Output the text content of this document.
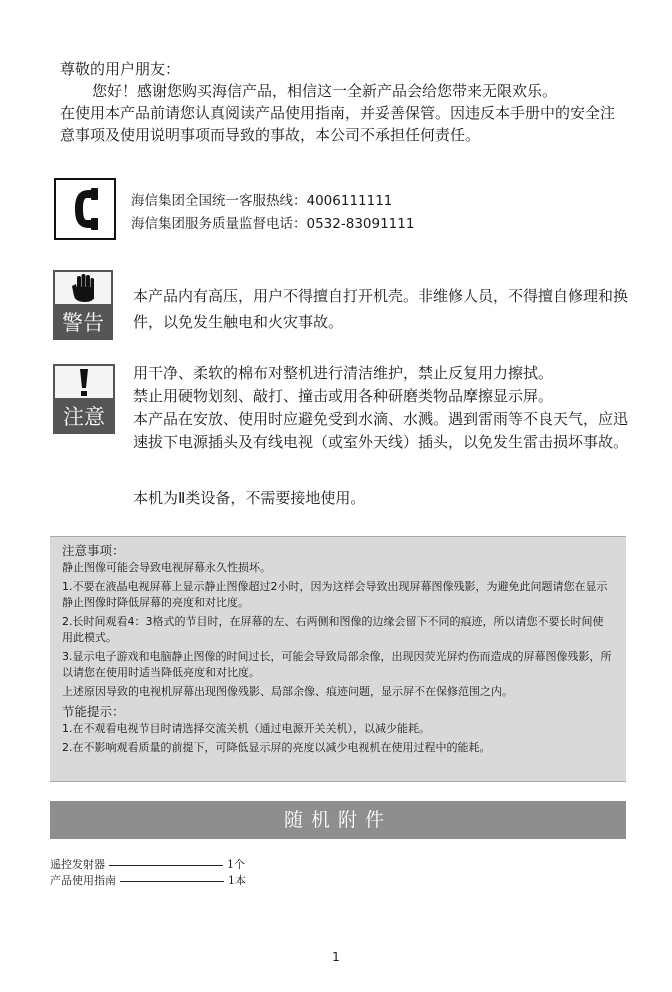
尊敬的用户朋友：

您好！感谢您购买海信产品，相信这一全新产品会给您带来无限欢乐。

在使用本产品前请您认真阅读产品使用指南，并妥善保管。因违反本手册中的安全注意事项及使用说明事项而导致的事故，本公司不承担任何责任。

海信集团全国统一客服热线：4006111111
海信集团服务质量监督电话：0532-83091111
警告
本产品内有高压，用户不得擅自打开机壳。非维修人员，不得擅自修理和换件，以免发生触电和火灾事故。
注意

用干净、柔软的棉布对整机进行清洁维护，禁止反复用力擦拭。

禁止用硬物划刻、敲打、撞击或用各种研磨类物品摩擦显示屏。

本产品在安放、使用时应避免受到水滴、水溅。遇到雷雨等不良天气，应迅速拔下电源插头及有线电视（或室外天线）插头，以免发生雷击损坏事故。

本机为Ⅱ类设备，不需要接地使用。

注意事项：

静止图像可能会导致电视屏幕永久性损坏。

1.不要在液晶电视屏幕上显示静止图像超过2小时，因为这样会导致出现屏幕图像残影，为避免此问题请您在显示静止图像时降低屏幕的亮度和对比度。

2.长时间观看4：3格式的节目时，在屏幕的左、右两侧和图像的边缘会留下不同的痕迹，所以请您不要长时间使用此模式。

3.显示电子游戏和电脑静止图像的时间过长，可能会导致局部余像，出现因荧光屏灼伤而造成的屏幕图像残影，所以请您在使用时适当降低亮度和对比度。

上述原因导致的电视机屏幕出现图像残影、局部余像、痕迹问题，显示屏不在保修范围之内。

节能提示：

1.在不观看电视节目时请选择交流关机（通过电源开关关机），以减少能耗。

2.在不影响观看质量的前提下，可降低显示屏的亮度以减少电视机在使用过程中的能耗。

随机附件
遥控发射器	1个
产品使用指南	1本
1
